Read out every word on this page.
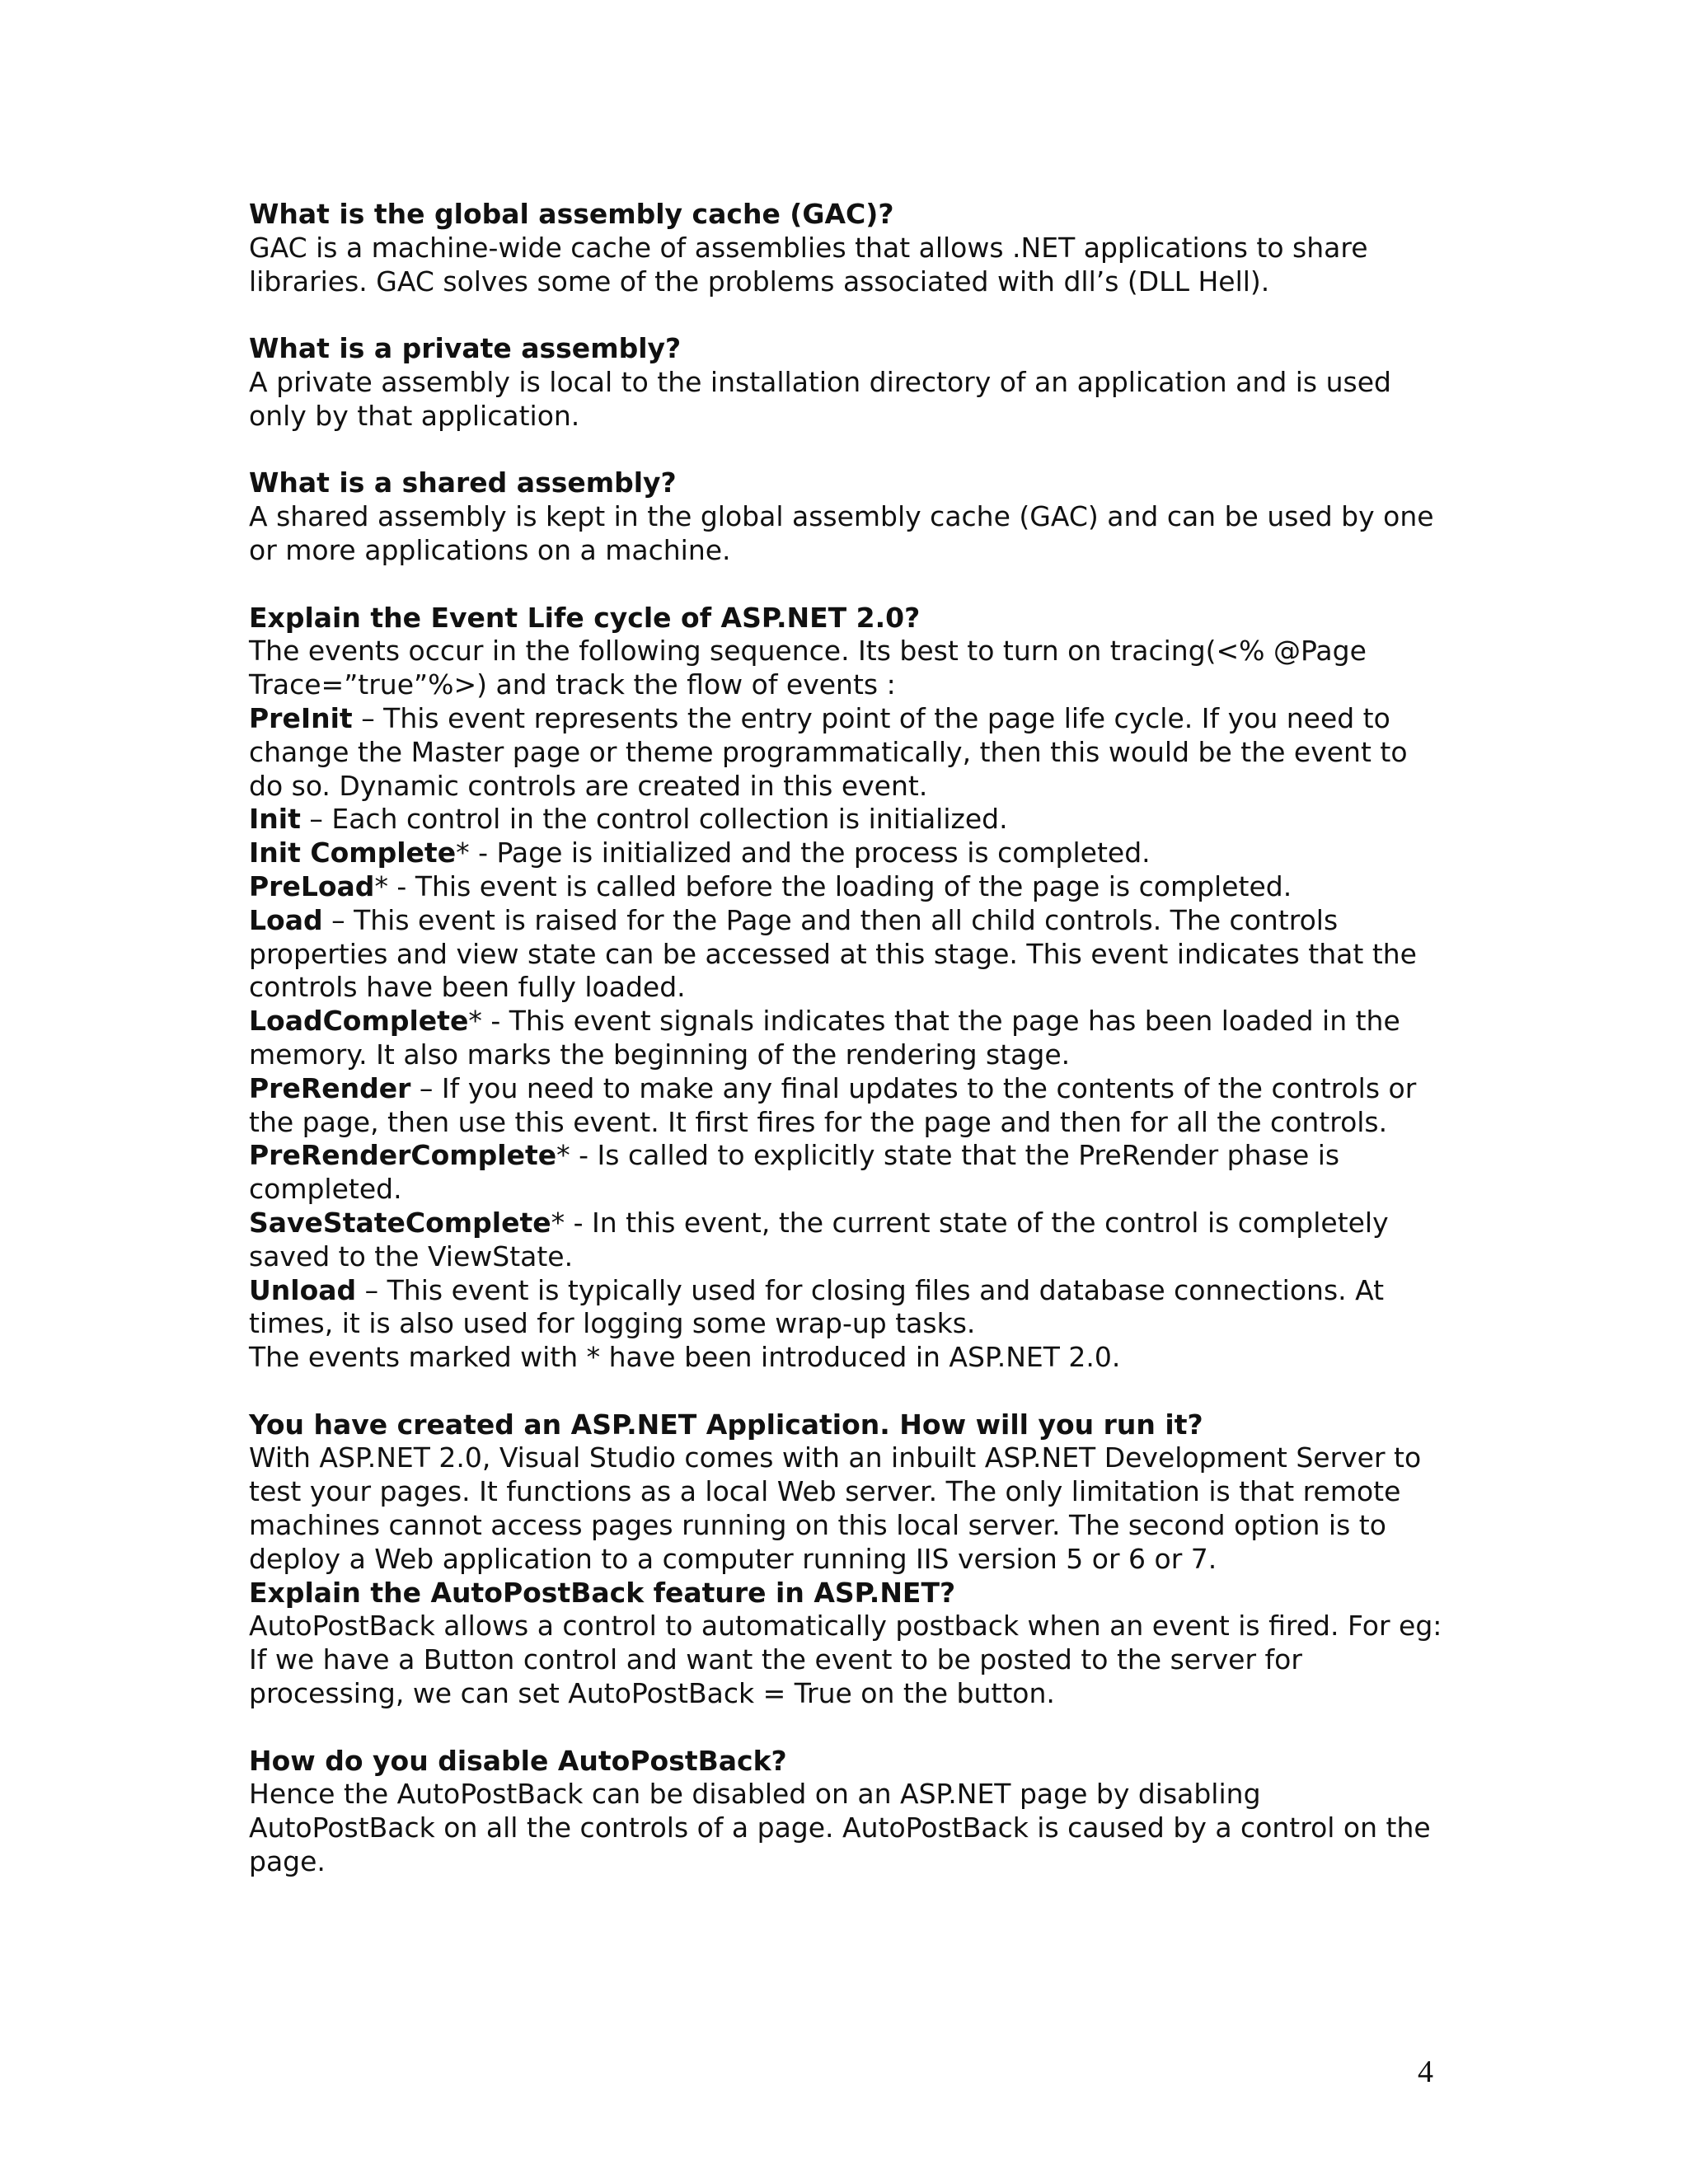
What is the global assembly cache (GAC)?

GAC is a machine-wide cache of assemblies that allows .NET applications to share libraries. GAC solves some of the problems associated with dll’s (DLL Hell).

What is a private assembly?

A private assembly is local to the installation directory of an application and is used only by that application.

What is a shared assembly?

A shared assembly is kept in the global assembly cache (GAC) and can be used by one or more applications on a machine.

Explain the Event Life cycle of ASP.NET 2.0?

The events occur in the following sequence. Its best to turn on tracing(<% @Page Trace=”true”%>) and track the flow of events :

PreInit – This event represents the entry point of the page life cycle. If you need to change the Master page or theme programmatically, then this would be the event to do so. Dynamic controls are created in this event.

Init – Each control in the control collection is initialized.

Init Complete* - Page is initialized and the process is completed.

PreLoad* - This event is called before the loading of the page is completed.

Load – This event is raised for the Page and then all child controls. The controls properties and view state can be accessed at this stage. This event indicates that the controls have been fully loaded.

LoadComplete* - This event signals indicates that the page has been loaded in the memory. It also marks the beginning of the rendering stage.

PreRender – If you need to make any final updates to the contents of the controls or the page, then use this event. It first fires for the page and then for all the controls.

PreRenderComplete* - Is called to explicitly state that the PreRender phase is completed.

SaveStateComplete* - In this event, the current state of the control is completely saved to the ViewState.

Unload – This event is typically used for closing files and database connections. At times, it is also used for logging some wrap-up tasks.

The events marked with * have been introduced in ASP.NET 2.0.

You have created an ASP.NET Application. How will you run it?

With ASP.NET 2.0, Visual Studio comes with an inbuilt ASP.NET Development Server to test your pages. It functions as a local Web server. The only limitation is that remote machines cannot access pages running on this local server. The second option is to deploy a Web application to a computer running IIS version 5 or 6 or 7.

Explain the AutoPostBack feature in ASP.NET?

AutoPostBack allows a control to automatically postback when an event is fired. For eg: If we have a Button control and want the event to be posted to the server for processing, we can set AutoPostBack = True on the button.

How do you disable AutoPostBack?

Hence the AutoPostBack can be disabled on an ASP.NET page by disabling AutoPostBack on all the controls of a page. AutoPostBack is caused by a control on the page.

4
